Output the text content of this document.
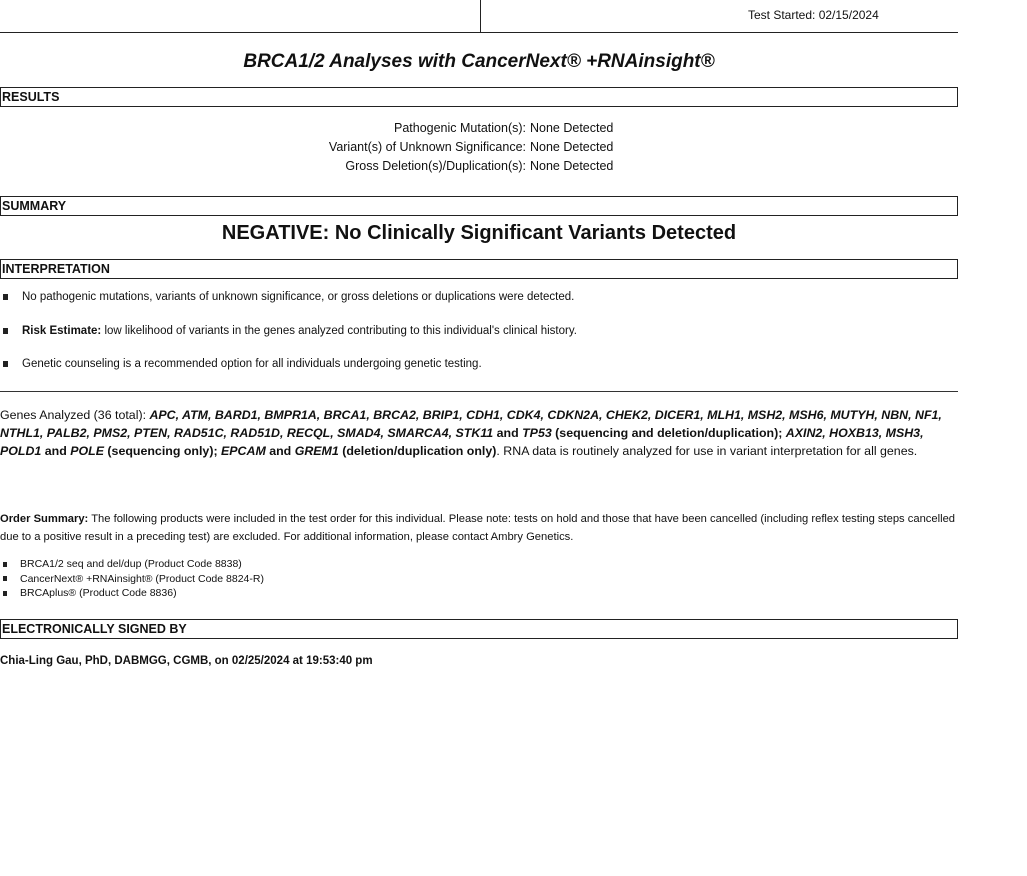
Test Started: 02/15/2024
BRCA1/2 Analyses with CancerNext® +RNAinsight®
RESULTS
Pathogenic Mutation(s): None Detected
Variant(s) of Unknown Significance: None Detected
Gross Deletion(s)/Duplication(s): None Detected
SUMMARY
NEGATIVE: No Clinically Significant Variants Detected
INTERPRETATION
No pathogenic mutations, variants of unknown significance, or gross deletions or duplications were detected.
Risk Estimate: low likelihood of variants in the genes analyzed contributing to this individual's clinical history.
Genetic counseling is a recommended option for all individuals undergoing genetic testing.
Genes Analyzed (36 total): APC, ATM, BARD1, BMPR1A, BRCA1, BRCA2, BRIP1, CDH1, CDK4, CDKN2A, CHEK2, DICER1, MLH1, MSH2, MSH6, MUTYH, NBN, NF1, NTHL1, PALB2, PMS2, PTEN, RAD51C, RAD51D, RECQL, SMAD4, SMARCA4, STK11 and TP53 (sequencing and deletion/duplication); AXIN2, HOXB13, MSH3, POLD1 and POLE (sequencing only); EPCAM and GREM1 (deletion/duplication only). RNA data is routinely analyzed for use in variant interpretation for all genes.
Order Summary: The following products were included in the test order for this individual. Please note: tests on hold and those that have been cancelled (including reflex testing steps cancelled due to a positive result in a preceding test) are excluded. For additional information, please contact Ambry Genetics.
BRCA1/2 seq and del/dup (Product Code 8838)
CancerNext® +RNAinsight® (Product Code 8824-R)
BRCAplus® (Product Code 8836)
ELECTRONICALLY SIGNED BY
Chia-Ling Gau, PhD, DABMGG, CGMB, on 02/25/2024 at 19:53:40 pm
